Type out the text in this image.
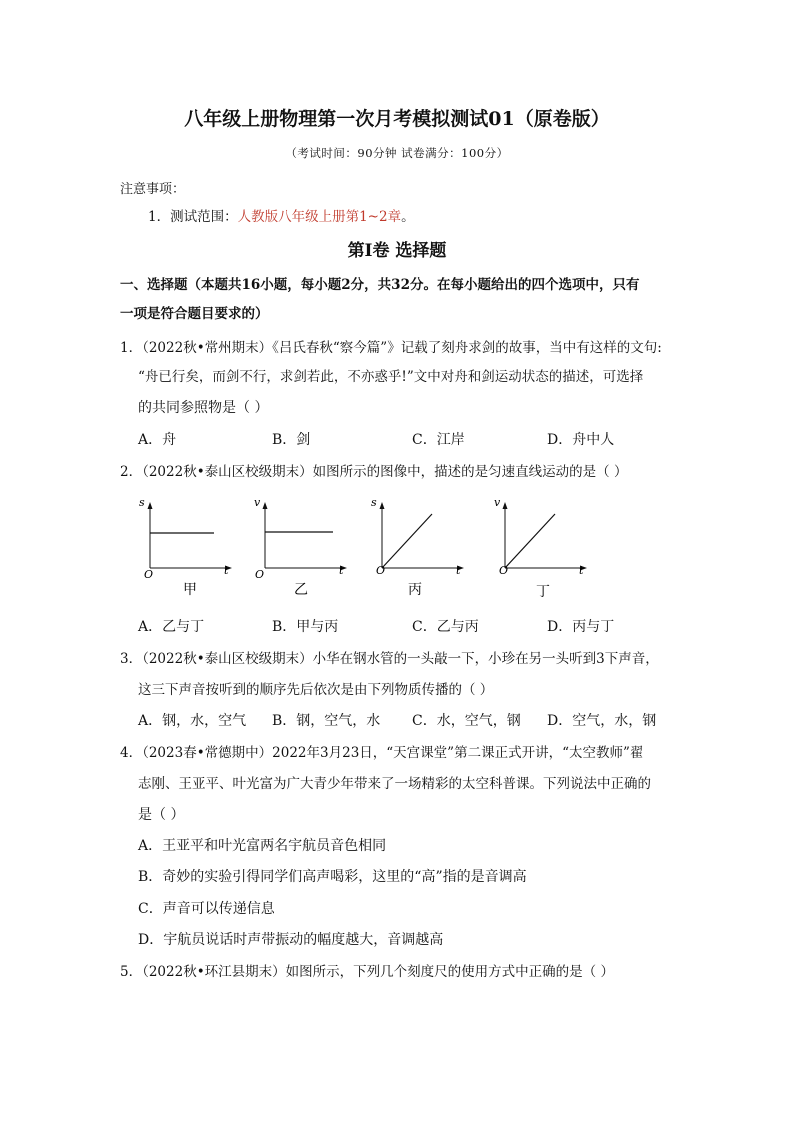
八年级上册物理第一次月考模拟测试01（原卷版）
（考试时间：90分钟 试卷满分：100分）
注意事项：
1．测试范围：人教版八年级上册第1~2章。
第Ⅰ卷 选择题
一、选择题（本题共16小题，每小题2分，共32分。在每小题给出的四个选项中，只有
一项是符合题目要求的）
1．（2022秋•常州期末）《吕氏春秋“察今篇”》记载了刻舟求剑的故事，当中有这样的文句:
“舟已行矣，而剑不行，求剑若此，不亦惑乎!”文中对舟和剑运动状态的描述，可选择
的共同参照物是（ ）
A．舟	B．剑	C．江岸	D．舟中人
2．（2022秋•泰山区校级期末）如图所示的图像中，描述的是匀速直线运动的是（ ）
s
t
O
甲
v
t
O
乙
s
t
O
丙
v
t
O
丁
A．乙与丁	B．甲与丙	C．乙与丙	D．丙与丁
3．（2022秋•泰山区校级期末）小华在钢水管的一头敲一下，小珍在另一头听到3下声音，
这三下声音按听到的顺序先后依次是由下列物质传播的（ ）
A．钢，水，空气 B．钢，空气，水 C．水，空气，钢 D．空气，水，钢
4．（2023春•常德期中）2022年3月23日，“天宫课堂”第二课正式开讲，“太空教师”翟
志刚、王亚平、叶光富为广大青少年带来了一场精彩的太空科普课。下列说法中正确的
是（ ）
A．王亚平和叶光富两名宇航员音色相同
B．奇妙的实验引得同学们高声喝彩，这里的“高”指的是音调高
C．声音可以传递信息
D．宇航员说话时声带振动的幅度越大，音调越高
5．（2022秋•环江县期末）如图所示，下列几个刻度尺的使用方式中正确的是（ ）
